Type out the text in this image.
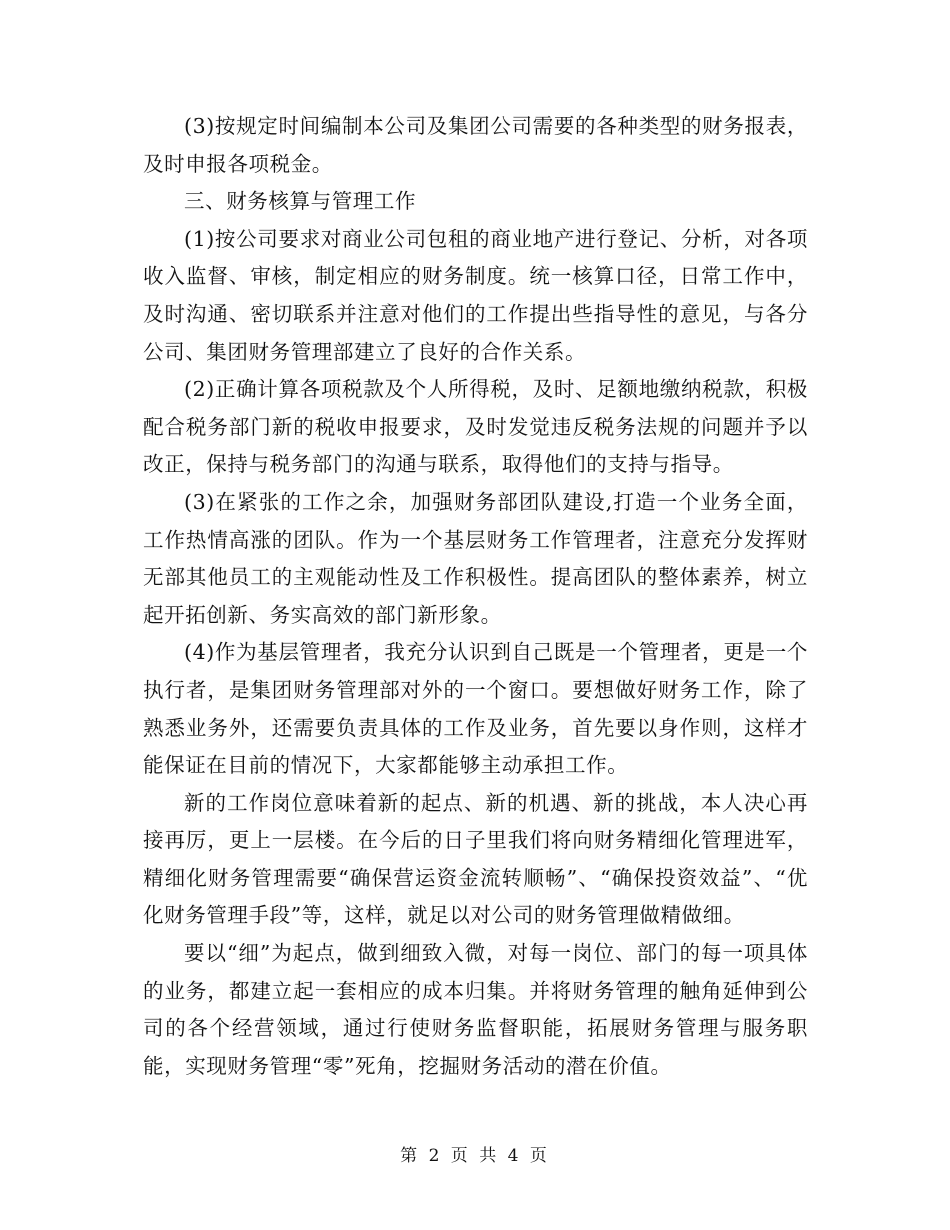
(3)按规定时间编制本公司及集团公司需要的各种类型的财务报表，及时申报各项税金。

三、财务核算与管理工作

(1)按公司要求对商业公司包租的商业地产进行登记、分析，对各项收入监督、审核，制定相应的财务制度。统一核算口径，日常工作中，及时沟通、密切联系并注意对他们的工作提出些指导性的意见，与各分公司、集团财务管理部建立了良好的合作关系。

(2)正确计算各项税款及个人所得税，及时、足额地缴纳税款，积极配合税务部门新的税收申报要求，及时发觉违反税务法规的问题并予以改正，保持与税务部门的沟通与联系，取得他们的支持与指导。

(3)在紧张的工作之余，加强财务部团队建设,打造一个业务全面，工作热情高涨的团队。作为一个基层财务工作管理者，注意充分发挥财无部其他员工的主观能动性及工作积极性。提高团队的整体素养，树立起开拓创新、务实高效的部门新形象。

(4)作为基层管理者，我充分认识到自己既是一个管理者，更是一个执行者，是集团财务管理部对外的一个窗口。要想做好财务工作，除了熟悉业务外，还需要负责具体的工作及业务，首先要以身作则，这样才能保证在目前的情况下，大家都能够主动承担工作。

新的工作岗位意味着新的起点、新的机遇、新的挑战，本人决心再接再厉，更上一层楼。在今后的日子里我们将向财务精细化管理进军，精细化财务管理需要“确保营运资金流转顺畅”、“确保投资效益”、“优化财务管理手段”等，这样，就足以对公司的财务管理做精做细。

要以“细”为起点，做到细致入微，对每一岗位、部门的每一项具体的业务，都建立起一套相应的成本归集。并将财务管理的触角延伸到公司的各个经营领域，通过行使财务监督职能，拓展财务管理与服务职能，实现财务管理“零”死角，挖掘财务活动的潜在价值。

第 2 页 共 4 页
